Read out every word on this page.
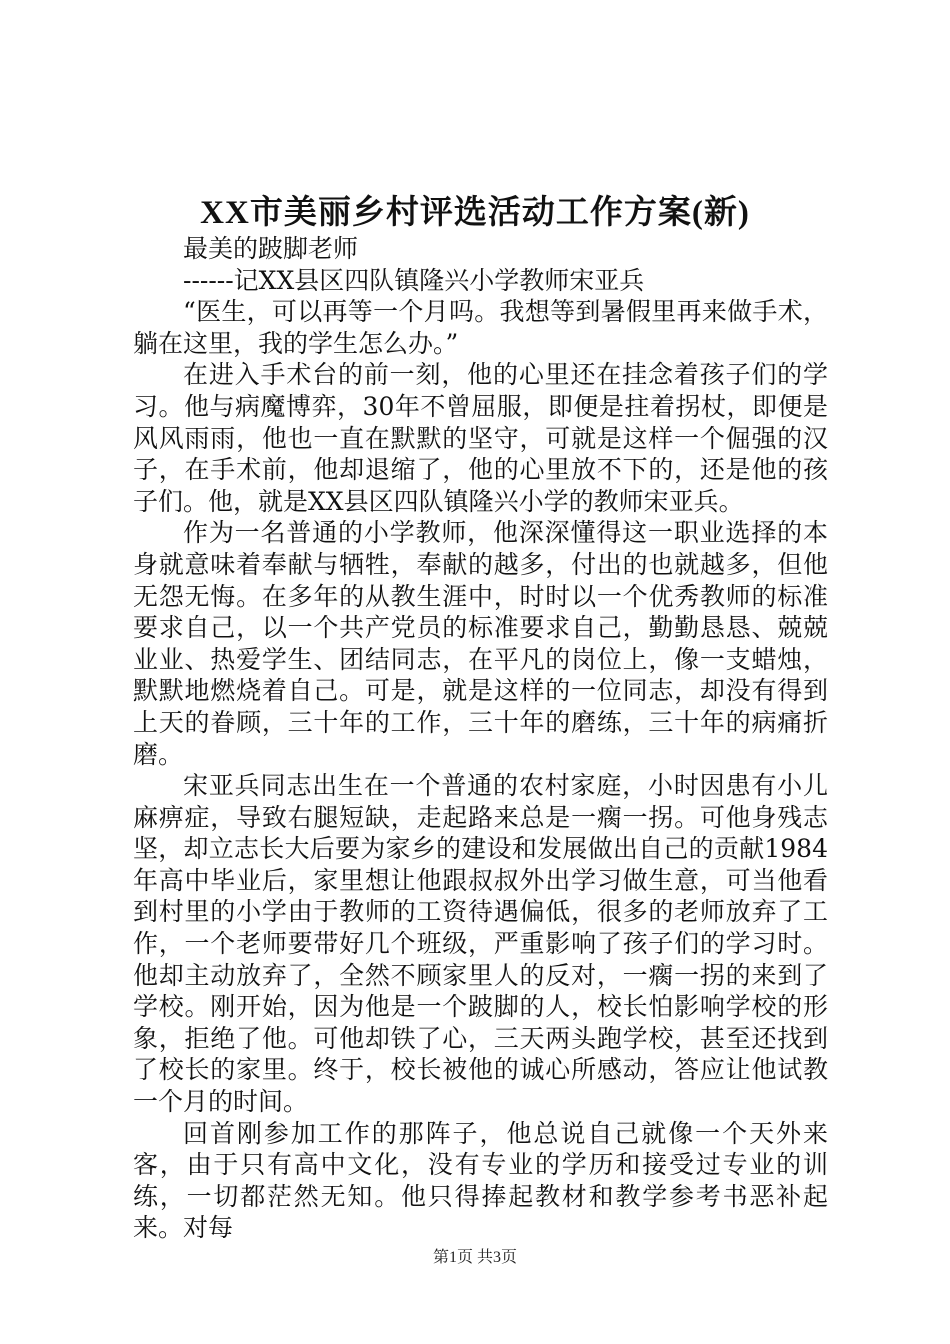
XX市美丽乡村评选活动工作方案(新)

最美的跛脚老师

------记XX县区四队镇隆兴小学教师宋亚兵

“医生，可以再等一个月吗。我想等到暑假里再来做手术，躺在这里，我的学生怎么办。”

在进入手术台的前一刻，他的心里还在挂念着孩子们的学习。他与病魔博弈，30年不曾屈服，即便是拄着拐杖，即便是风风雨雨，他也一直在默默的坚守，可就是这样一个倔强的汉子，在手术前，他却退缩了，他的心里放不下的，还是他的孩子们。他，就是XX县区四队镇隆兴小学的教师宋亚兵。

作为一名普通的小学教师，他深深懂得这一职业选择的本身就意味着奉献与牺牲，奉献的越多，付出的也就越多，但他无怨无悔。在多年的从教生涯中，时时以一个优秀教师的标准要求自己，以一个共产党员的标准要求自己，勤勤恳恳、兢兢业业、热爱学生、团结同志，在平凡的岗位上，像一支蜡烛，默默地燃烧着自己。可是，就是这样的一位同志，却没有得到上天的眷顾，三十年的工作，三十年的磨练，三十年的病痛折磨。

宋亚兵同志出生在一个普通的农村家庭，小时因患有小儿麻痹症，导致右腿短缺，走起路来总是一瘸一拐。可他身残志坚，却立志长大后要为家乡的建设和发展做出自己的贡献1984年高中毕业后，家里想让他跟叔叔外出学习做生意，可当他看到村里的小学由于教师的工资待遇偏低，很多的老师放弃了工作，一个老师要带好几个班级，严重影响了孩子们的学习时。他却主动放弃了，全然不顾家里人的反对，一瘸一拐的来到了学校。刚开始，因为他是一个跛脚的人，校长怕影响学校的形象，拒绝了他。可他却铁了心，三天两头跑学校，甚至还找到了校长的家里。终于，校长被他的诚心所感动，答应让他试教一个月的时间。

回首刚参加工作的那阵子，他总说自己就像一个天外来客，由于只有高中文化，没有专业的学历和接受过专业的训练，一切都茫然无知。他只得捧起教材和教学参考书恶补起来。对每

第1页 共3页
